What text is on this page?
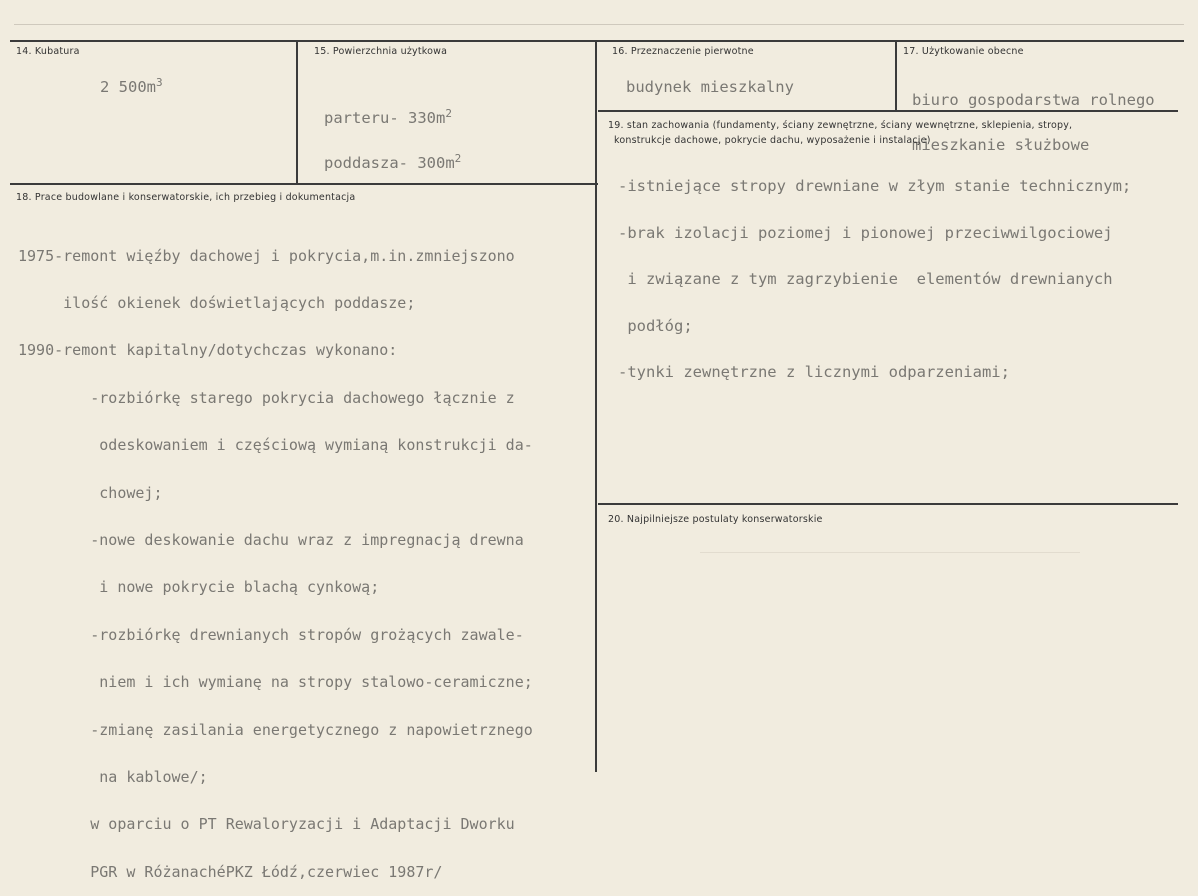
14. Kubatura
2 $500m^3$
15. Powierzchnia użytkowa

parteru- $330m^2$

poddasza- $300m^2$

16. Przeznaczenie pierwotne
budynek mieszkalny
17. Użytkowanie obecne

biuro gospodarstwa rolnego

mieszkanie służbowe

18. Prace budowlane i konserwatorskie, ich przebieg i dokumentacja

1975-remont więźby dachowej i pokrycia,m.in.zmniejszono

ilość okienek doświetlających poddasze;

1990-remont kapitalny/dotychczas wykonano:

-rozbiórkę starego pokrycia dachowego łącznie z

odeskowaniem i częściową wymianą konstrukcji da-

chowej;

-nowe deskowanie dachu wraz z impregnacją drewna

i nowe pokrycie blachą cynkową;

-rozbiórkę drewnianych stropów grożących zawale-

niem i ich wymianę na stropy stalowo-ceramiczne;

-zmianę zasilania energetycznego z napowietrznego

na kablowe/;

w oparciu o PT Rewaloryzacji i Adaptacji Dworku

PGR w RóżanachéPKZ Łódź,czerwiec 1987r/

19. stan zachowania (fundamenty, ściany zewnętrzne, ściany wewnętrzne, sklepienia, stropy,
konstrukcje dachowe, pokrycie dachu, wyposażenie i instalacje)

-istniejące stropy drewniane w złym stanie technicznym;

-brak izolacji poziomej i pionowej przeciwwilgociowej

i związane z tym zagrzybienie  elementów drewnianych

podłóg;

-tynki zewnętrzne z licznymi odparzeniami;

20. Najpilniejsze postulaty konserwatorskie
